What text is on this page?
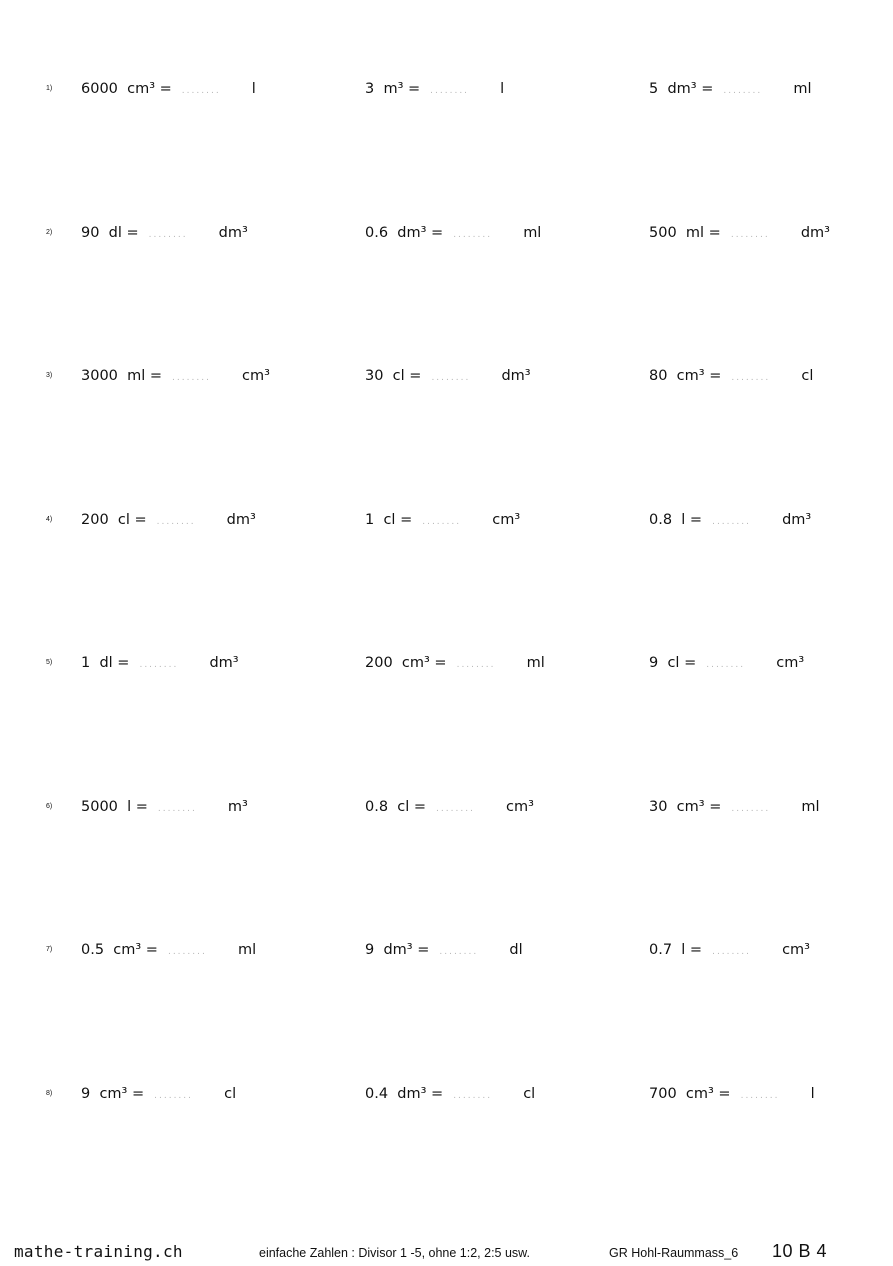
1) 6000 cm³ = ........ l	3 m³ = ........ l	5 dm³ = ........ ml
2) 90 dl = ........ dm³	0.6 dm³ = ........ ml	500 ml = ........ dm³
3) 3000 ml = ........ cm³	30 cl = ........ dm³	80 cm³ = ........ cl
4) 200 cl = ........ dm³	1 cl = ........ cm³	0.8 l = ........ dm³
5) 1 dl = ........ dm³	200 cm³ = ........ ml	9 cl = ........ cm³
6) 5000 l = ........ m³	0.8 cl = ........ cm³	30 cm³ = ........ ml
7) 0.5 cm³ = ........ ml	9 dm³ = ........ dl	0.7 l = ........ cm³
8) 9 cm³ = ........ cl	0.4 dm³ = ........ cl	700 cm³ = ........ l
mathe-training.ch	einfache Zahlen : Divisor 1 -5, ohne 1:2, 2:5 usw.	GR Hohl-Raummass_6 10 B 4
